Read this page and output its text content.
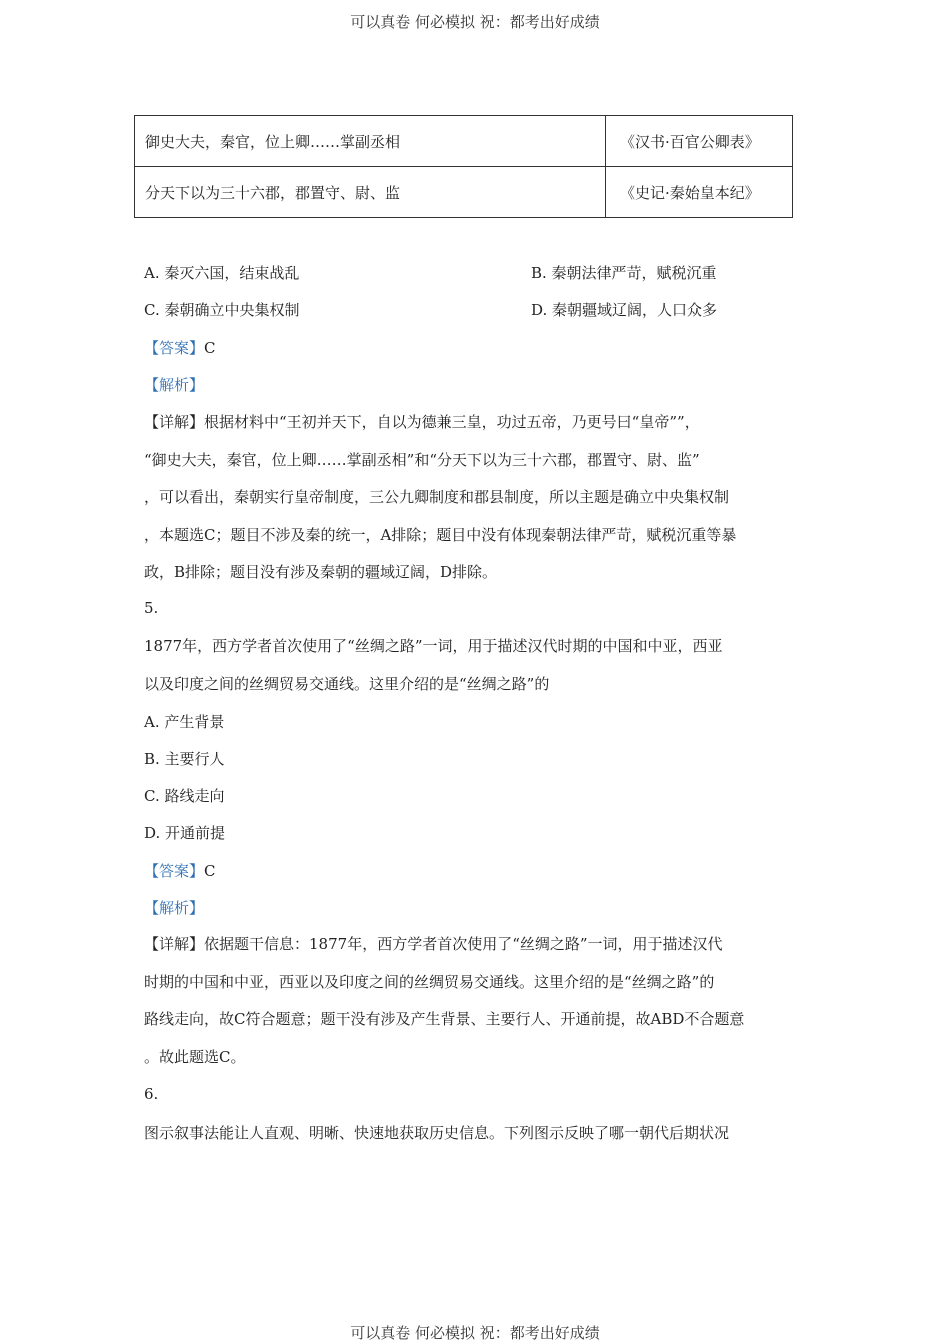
可以真卷 何必模拟 祝：都考出好成绩
御史大夫，秦官，位上卿……掌副丞相	《汉书·百官公卿表》
分天下以为三十六郡，郡置守、尉、监	《史记·秦始皇本纪》
A. 秦灭六国，结束战乱	B. 秦朝法律严苛，赋税沉重
C. 秦朝确立中央集权制	D. 秦朝疆域辽阔，人口众多
【答案】C
【解析】
【详解】根据材料中“王初并天下，自以为德兼三皇，功过五帝，乃更号曰“皇帝””，
“御史大夫，秦官，位上卿……掌副丞相”和“分天下以为三十六郡，郡置守、尉、监”
，可以看出，秦朝实行皇帝制度，三公九卿制度和郡县制度，所以主题是确立中央集权制
，本题选C；题目不涉及秦的统一，A排除；题目中没有体现秦朝法律严苛，赋税沉重等暴
政，B排除；题目没有涉及秦朝的疆域辽阔，D排除。
5.
1877年，西方学者首次使用了“丝绸之路”一词，用于描述汉代时期的中国和中亚，西亚
以及印度之间的丝绸贸易交通线。这里介绍的是“丝绸之路”的
A. 产生背景
B. 主要行人
C. 路线走向
D. 开通前提
【答案】C
【解析】
【详解】依据题干信息：1877年，西方学者首次使用了“丝绸之路”一词，用于描述汉代
时期的中国和中亚，西亚以及印度之间的丝绸贸易交通线。这里介绍的是“丝绸之路”的
路线走向，故C符合题意；题干没有涉及产生背景、主要行人、开通前提，故ABD不合题意
。故此题选C。
6.
图示叙事法能让人直观、明晰、快速地获取历史信息。下列图示反映了哪一朝代后期状况
可以真卷 何必模拟 祝：都考出好成绩
